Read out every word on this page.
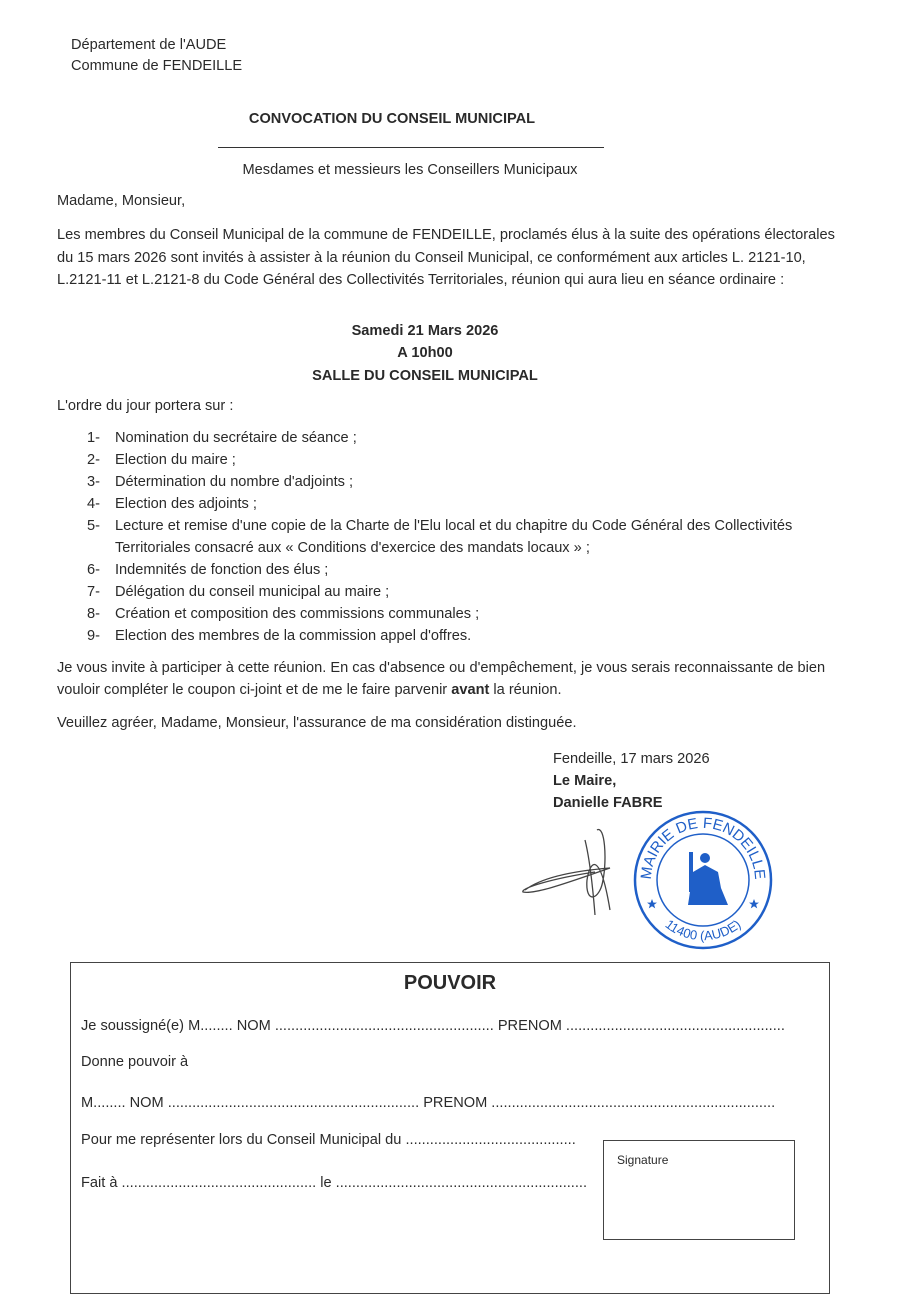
Département de l'AUDE
Commune de FENDEILLE
CONVOCATION DU CONSEIL MUNICIPAL
Mesdames et messieurs les Conseillers Municipaux
Madame, Monsieur,
Les membres du Conseil Municipal de la commune de FENDEILLE, proclamés élus à la suite des opérations électorales
du 15 mars 2026 sont invités à assister à la réunion du Conseil Municipal, ce conformément aux articles L. 2121-10,
L.2121-11 et L.2121-8 du Code Général des Collectivités Territoriales, réunion qui aura lieu en séance ordinaire :
Samedi 21 Mars 2026
A 10h00
SALLE DU CONSEIL MUNICIPAL
L'ordre du jour portera sur :
1- Nomination du secrétaire de séance ;
2- Election du maire ;
3- Détermination du nombre d'adjoints ;
4- Election des adjoints ;
5- Lecture et remise d'une copie de la Charte de l'Elu local et du chapitre du Code Général des Collectivités
Territoriales consacré aux « Conditions d'exercice des mandats locaux » ;
6- Indemnités de fonction des élus ;
7- Délégation du conseil municipal au maire ;
8- Création et composition des commissions communales ;
9- Election des membres de la commission appel d'offres.
Je vous invite à participer à cette réunion. En cas d'absence ou d'empêchement, je vous serais reconnaissante de bien
vouloir compléter le coupon ci-joint et de me le faire parvenir avant la réunion.
Veuillez agréer, Madame, Monsieur, l'assurance de ma considération distinguée.
Fendeille, 17 mars 2026
Le Maire,
Danielle FABRE
MAIRIE DE FENDEILLE
11400 (AUDE)
POUVOIR
Je soussigné(e) M........ NOM ...................................................... PRENOM ......................................................
Donne pouvoir à
M........ NOM .............................................................. PRENOM ......................................................................
Pour me représenter lors du Conseil Municipal du ..........................................
Fait à ................................................ le ..............................................................
Signature
